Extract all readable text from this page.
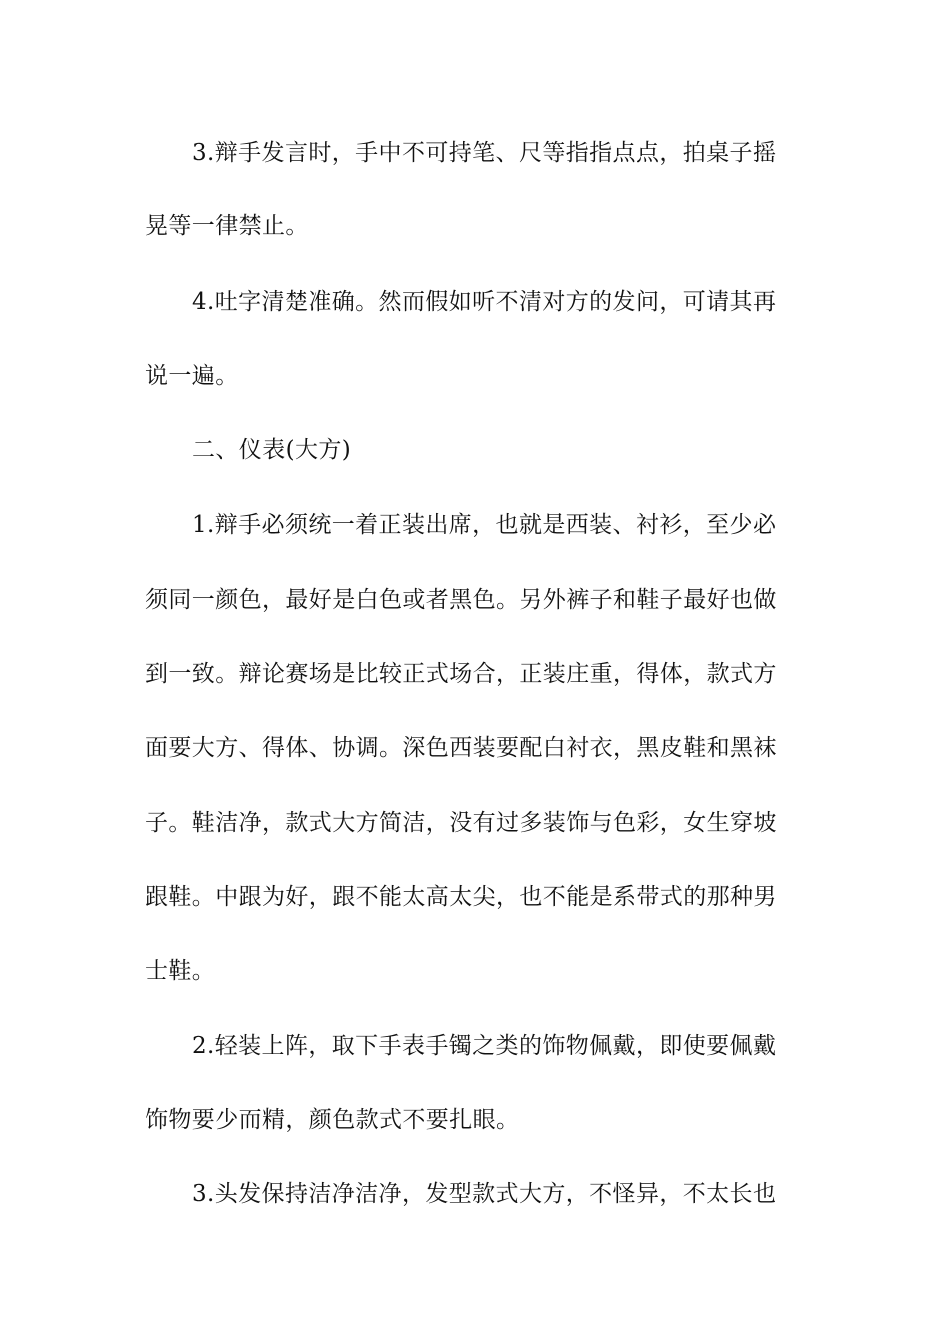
3.辩手发言时，手中不可持笔、尺等指指点点，拍桌子摇
晃等一律禁止。
4.吐字清楚准确。然而假如听不清对方的发问，可请其再
说一遍。
二、仪表(大方)
1.辩手必须统一着正装出席，也就是西装、衬衫，至少必
须同一颜色，最好是白色或者黑色。另外裤子和鞋子最好也做
到一致。辩论赛场是比较正式场合，正装庄重，得体，款式方
面要大方、得体、协调。深色西装要配白衬衣，黑皮鞋和黑袜
子。鞋洁净，款式大方简洁，没有过多装饰与色彩，女生穿坡
跟鞋。中跟为好，跟不能太高太尖，也不能是系带式的那种男
士鞋。
2.轻装上阵，取下手表手镯之类的饰物佩戴，即使要佩戴
饰物要少而精，颜色款式不要扎眼。
3.头发保持洁净洁净，发型款式大方，不怪异，不太长也
